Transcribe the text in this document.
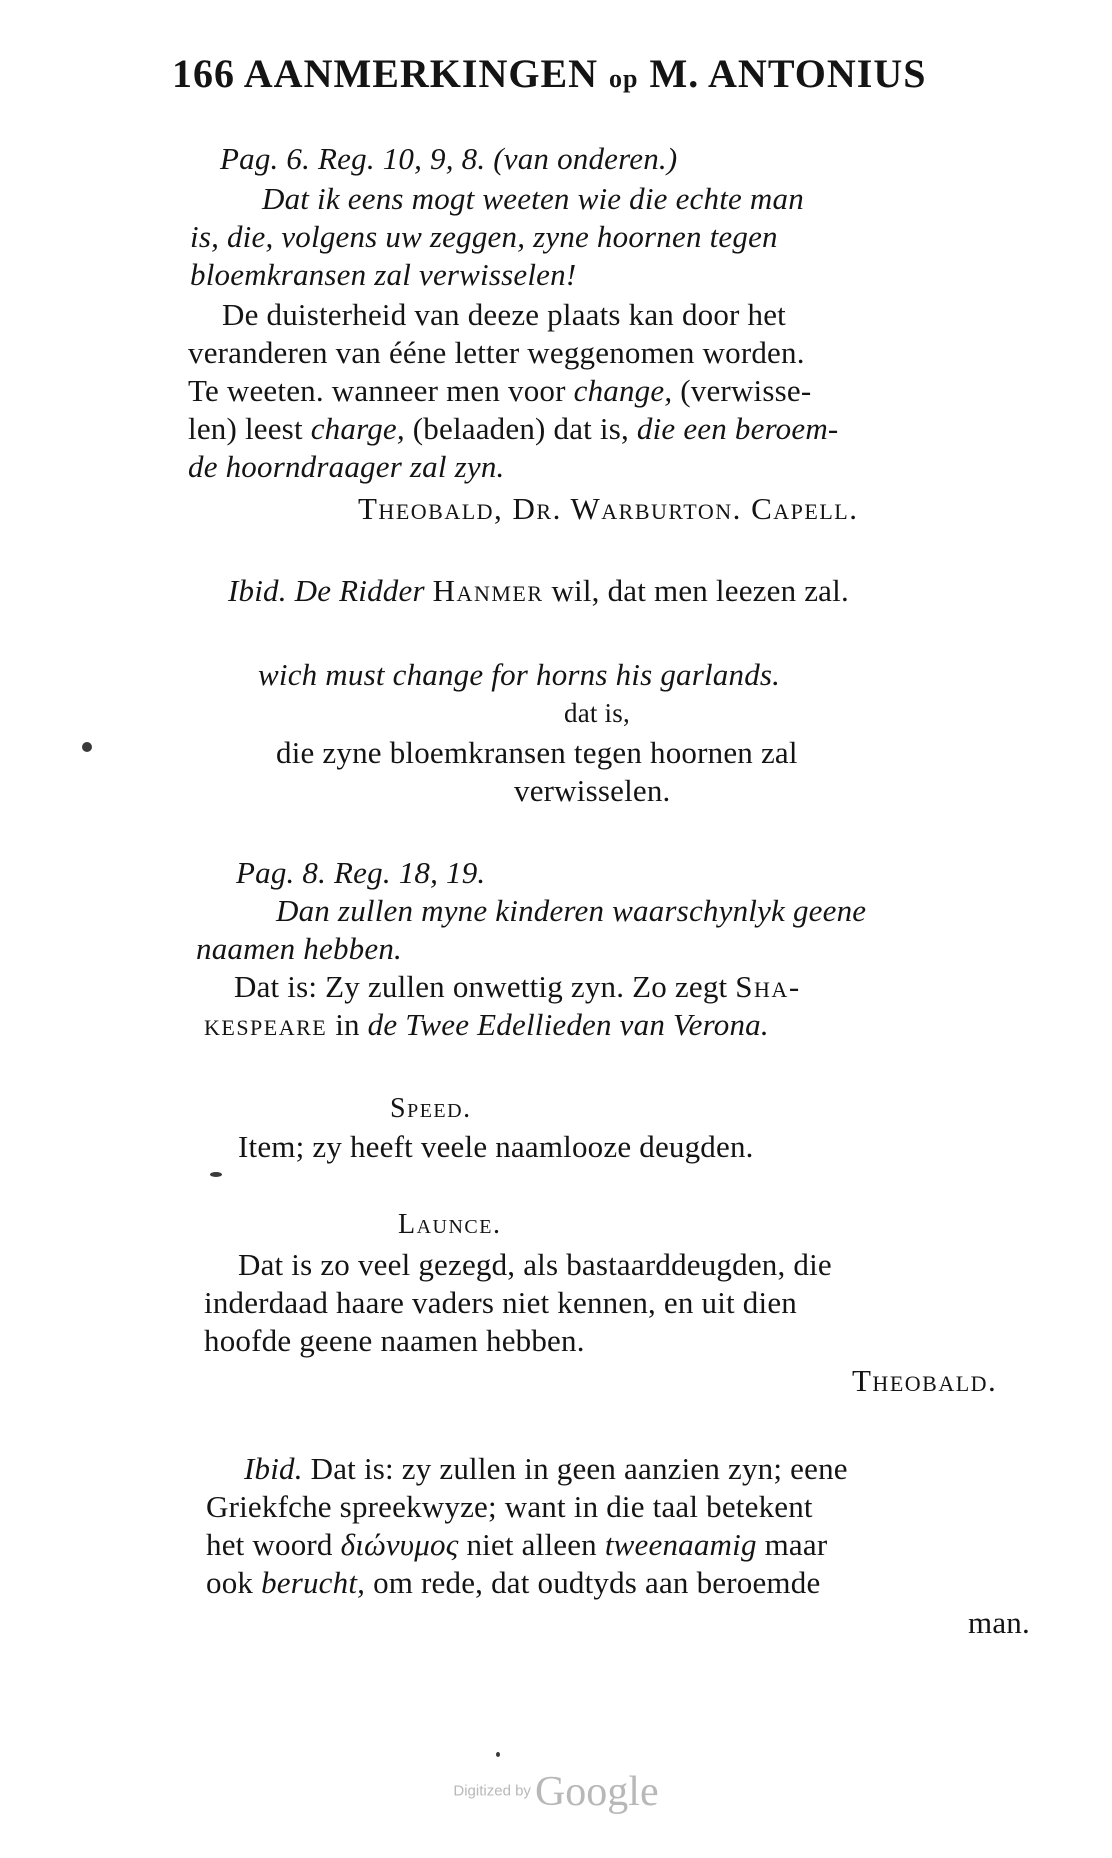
166 AANMERKINGEN op M. ANTONIUS
Pag. 6. Reg. 10, 9, 8. (van onderen.)
Dat ik eens mogt weeten wie die echte man
is, die, volgens uw zeggen, zyne hoornen tegen
bloemkransen zal verwisselen!
De duisterheid van deeze plaats kan door het
veranderen van ééne letter weggenomen worden.
Te weeten. wanneer men voor change, (verwisse-
len) leest charge, (belaaden) dat is, die een beroem-
de hoorndraager zal zyn.
Theobald, Dr. Warburton. Capell.
Ibid. De Ridder Hanmer wil, dat men leezen zal.
wich must change for horns his garlands.
dat is,
die zyne bloemkransen tegen hoornen zal
verwisselen.
Pag. 8. Reg. 18, 19.
Dan zullen myne kinderen waarschynlyk geene
naamen hebben.
Dat is: Zy zullen onwettig zyn. Zo zegt Sha-
kespeare in de Twee Edellieden van Verona.
Speed.
Item; zy heeft veele naamlooze deugden.
Launce.
Dat is zo veel gezegd, als bastaarddeugden, die
inderdaad haare vaders niet kennen, en uit dien
hoofde geene naamen hebben.
Theobald.
Ibid. Dat is: zy zullen in geen aanzien zyn; eene
Griekfche spreekwyze; want in die taal betekent
het woord διώνυμος niet alleen tweenaamig maar
ook berucht, om rede, dat oudtyds aan beroemde
man.
Digitized by Google
